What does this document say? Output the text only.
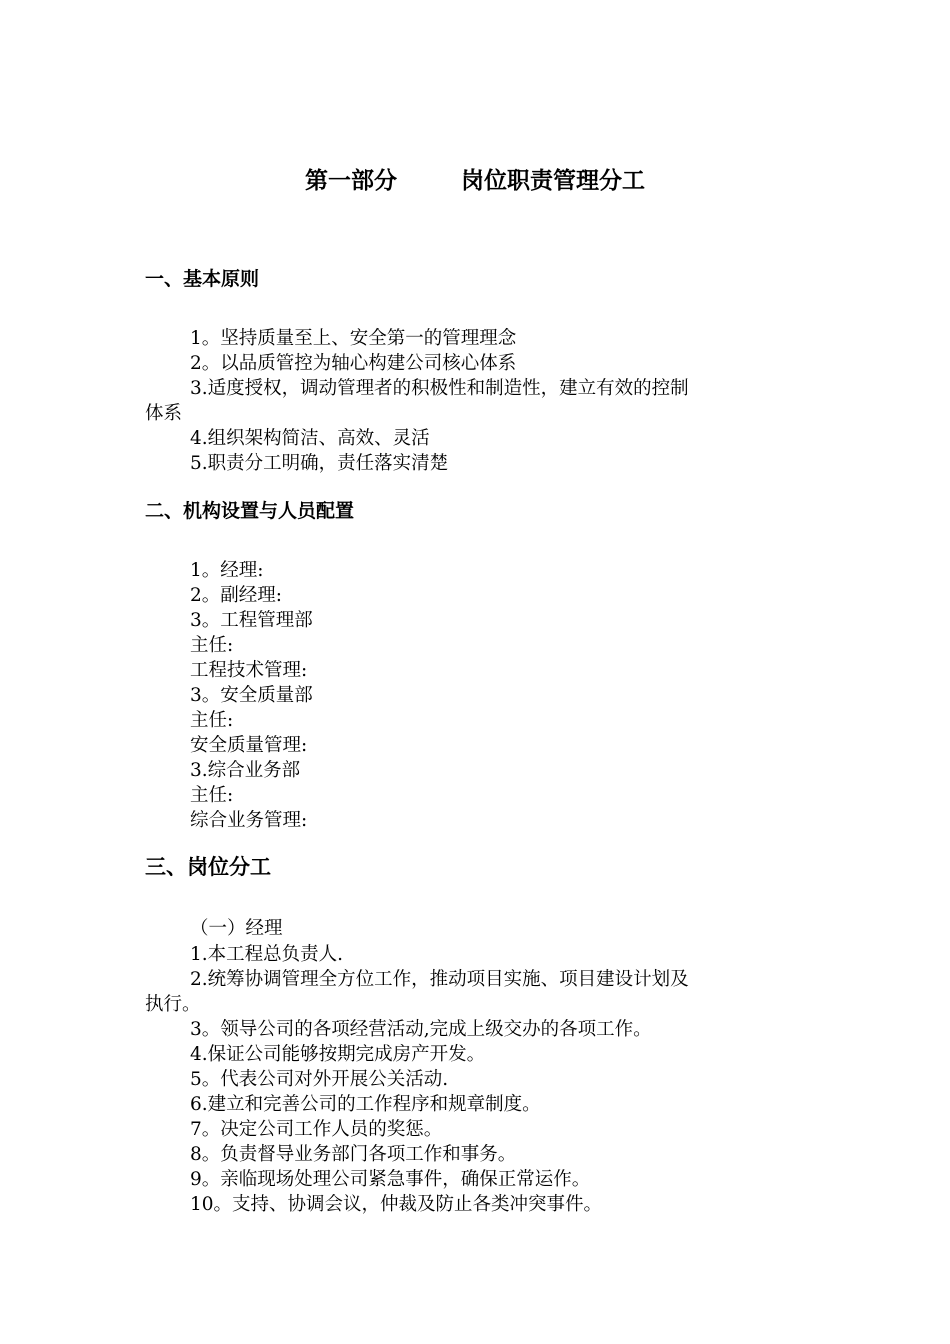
第一部分        岗位职责管理分工
一、基本原则
1。坚持质量至上、安全第一的管理理念
2。以品质管控为轴心构建公司核心体系
3.适度授权，调动管理者的积极性和制造性，建立有效的控制
体系
4.组织架构简洁、高效、灵活
5.职责分工明确，责任落实清楚
二、机构设置与人员配置
1。经理:
2。副经理:
3。工程管理部
主任:
工程技术管理:
3。安全质量部
主任:
安全质量管理:
3.综合业务部
主任:
综合业务管理:
三、岗位分工
（一）经理
1.本工程总负责人.
2.统筹协调管理全方位工作，推动项目实施、项目建设计划及
执行。
3。领导公司的各项经营活动,完成上级交办的各项工作。
4.保证公司能够按期完成房产开发。
5。代表公司对外开展公关活动.
6.建立和完善公司的工作程序和规章制度。
7。决定公司工作人员的奖惩。
8。负责督导业务部门各项工作和事务。
9。亲临现场处理公司紧急事件，确保正常运作。
10。支持、协调会议，仲裁及防止各类冲突事件。
